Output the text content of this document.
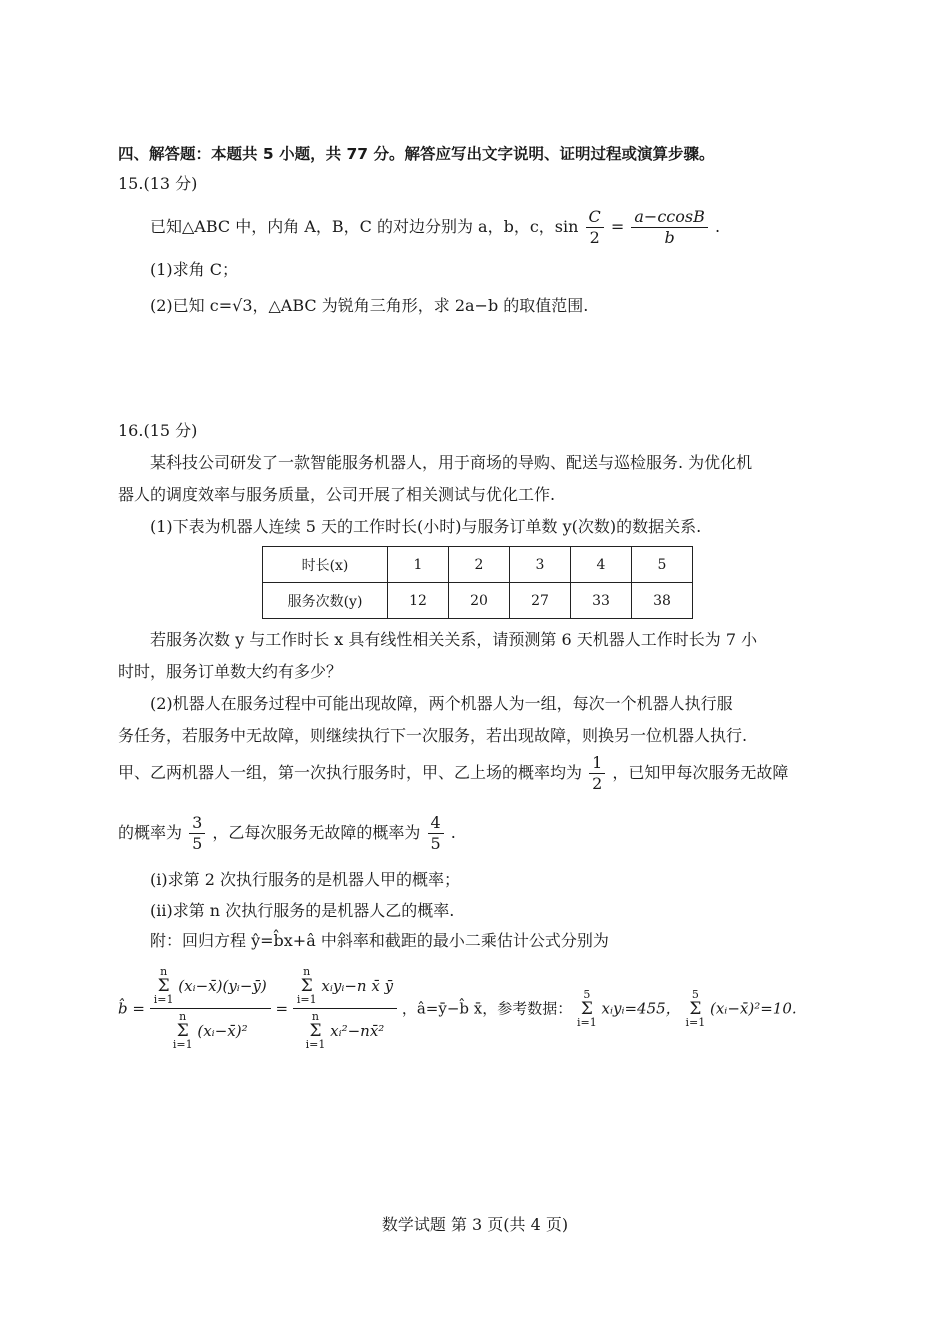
四、解答题：本题共 5 小题，共 77 分。解答应写出文字说明、证明过程或演算步骤。
15.(13 分)
已知△ABC 中，内角 A，B，C 的对边分别为 a，b，c，$\sin \frac{C}{2} = \frac{a-ccosB}{b}$ .
(1)求角 C；
(2)已知 c=√3，△ABC 为锐角三角形，求 2a−b 的取值范围.
16.(15 分)
某科技公司研发了一款智能服务机器人，用于商场的导购、配送与巡检服务. 为优化机
器人的调度效率与服务质量，公司开展了相关测试与优化工作.
(1)下表为机器人连续 5 天的工作时长(小时)与服务订单数 y(次数)的数据关系.
时长(x)	1	2	3	4	5
服务次数(y)	12	20	27	33	38
若服务次数 y 与工作时长 x 具有线性相关关系，请预测第 6 天机器人工作时长为 7 小
时时，服务订单数大约有多少？
(2)机器人在服务过程中可能出现故障，两个机器人为一组，每次一个机器人执行服
务任务，若服务中无故障，则继续执行下一次服务，若出现故障，则换另一位机器人执行.
甲、乙两机器人一组，第一次执行服务时，甲、乙上场的概率均为 $\frac{1}{2}$ ，已知甲每次服务无故障
的概率为 $\frac{3}{5}$ ，乙每次服务无故障的概率为 $\frac{4}{5}$ .
(i)求第 2 次执行服务的是机器人甲的概率；
(ii)求第 n 次执行服务的是机器人乙的概率.
附：回归方程 ŷ=b̂x+â 中斜率和截距的最小二乘估计公式分别为
b̂ = n
Σ
i=1
(xᵢ−x̄)(yᵢ−ȳ)
n
Σ
i=1
(xᵢ−x̄)² = n
Σ
i=1
xᵢyᵢ−n x̄ ȳ
n
Σ
i=1
xᵢ²−nx̄² ，â=ȳ−b̂ x̄，参考数据：
5
Σ
i=1
xᵢyᵢ=455，
5
Σ
i=1
(xᵢ−x̄)²=10.
数学试题 第 3 页(共 4 页)
